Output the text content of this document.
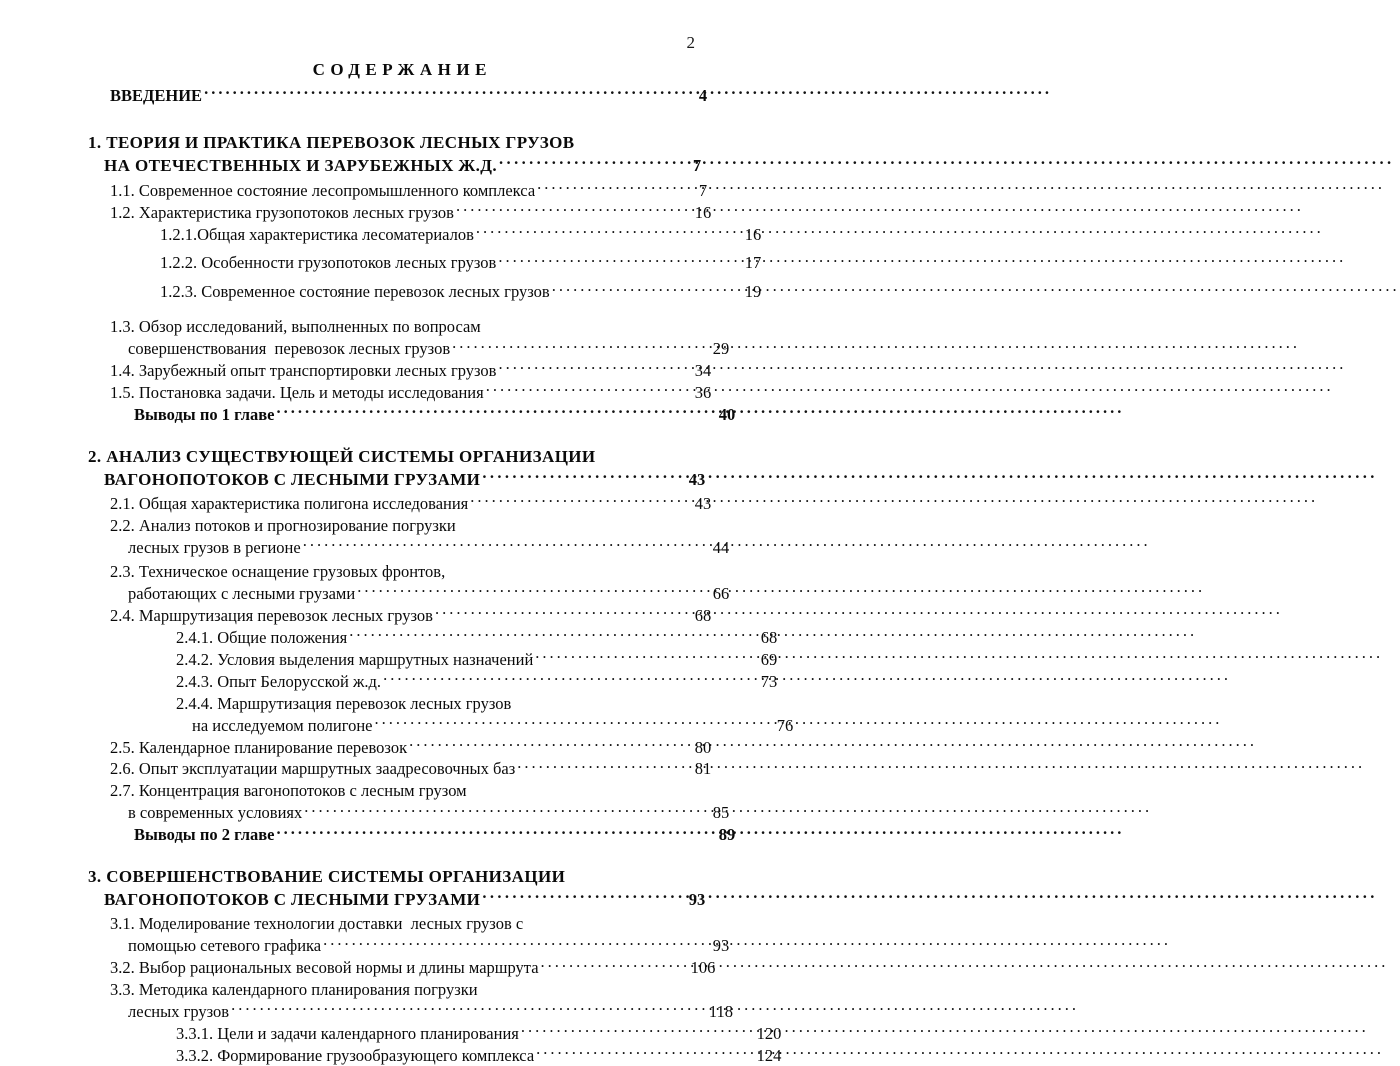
2
СОДЕРЖАНИЕ
ВВЕДЕНИЕ .....	4
1. ТЕОРИЯ И ПРАКТИКА ПЕРЕВОЗОК ЛЕСНЫХ ГРУЗОВ
НА ОТЕЧЕСТВЕННЫХ И ЗАРУБЕЖНЫХ Ж.Д. .....	7
1.1. Современное состояние лесопромышленного комплекса .....	7
1.2. Характеристика грузопотоков лесных грузов .....	16
1.2.1.Общая характеристика лесоматериалов .....	16
1.2.2. Особенности грузопотоков лесных грузов .....	17
1.2.3. Современное состояние перевозок лесных грузов .....	19
1.3. Обзор исследований, выполненных по вопросам
совершенствования  перевозок лесных грузов .....	29
1.4. Зарубежный опыт транспортировки лесных грузов .....	34
1.5. Постановка задачи. Цель и методы исследования .....	36
Выводы по 1 главе .....	40
2. АНАЛИЗ СУЩЕСТВУЮЩЕЙ СИСТЕМЫ ОРГАНИЗАЦИИ
ВАГОНОПОТОКОВ С ЛЕСНЫМИ ГРУЗАМИ .....	43
2.1. Общая характеристика полигона исследования .....	43
2.2. Анализ потоков и прогнозирование погрузки
лесных грузов в регионе .....	44
2.3. Техническое оснащение грузовых фронтов,
работающих с лесными грузами .....	66
2.4. Маршрутизация перевозок лесных грузов .....	68
2.4.1. Общие положения .....	68
2.4.2. Условия выделения маршрутных назначений .....	69
2.4.3. Опыт Белорусской ж.д. .....	73
2.4.4. Маршрутизация перевозок лесных грузов
на исследуемом полигоне .....	76
2.5. Календарное планирование перевозок .....	80
2.6. Опыт эксплуатации маршрутных заадресовочных баз .....	81
2.7. Концентрация вагонопотоков с лесным грузом
в современных условиях .....	85
Выводы по 2 главе .....	89
3. СОВЕРШЕНСТВОВАНИЕ СИСТЕМЫ ОРГАНИЗАЦИИ
ВАГОНОПОТОКОВ С ЛЕСНЫМИ ГРУЗАМИ .....	93
3.1. Моделирование технологии доставки  лесных грузов с
помощью сетевого графика .....	93
3.2. Выбор рациональных весовой нормы и длины маршрута .....	106
3.3. Методика календарного планирования погрузки
лесных грузов .....	118
3.3.1. Цели и задачи календарного планирования .....	120
3.3.2. Формирование грузообразующего комплекса .....	124
